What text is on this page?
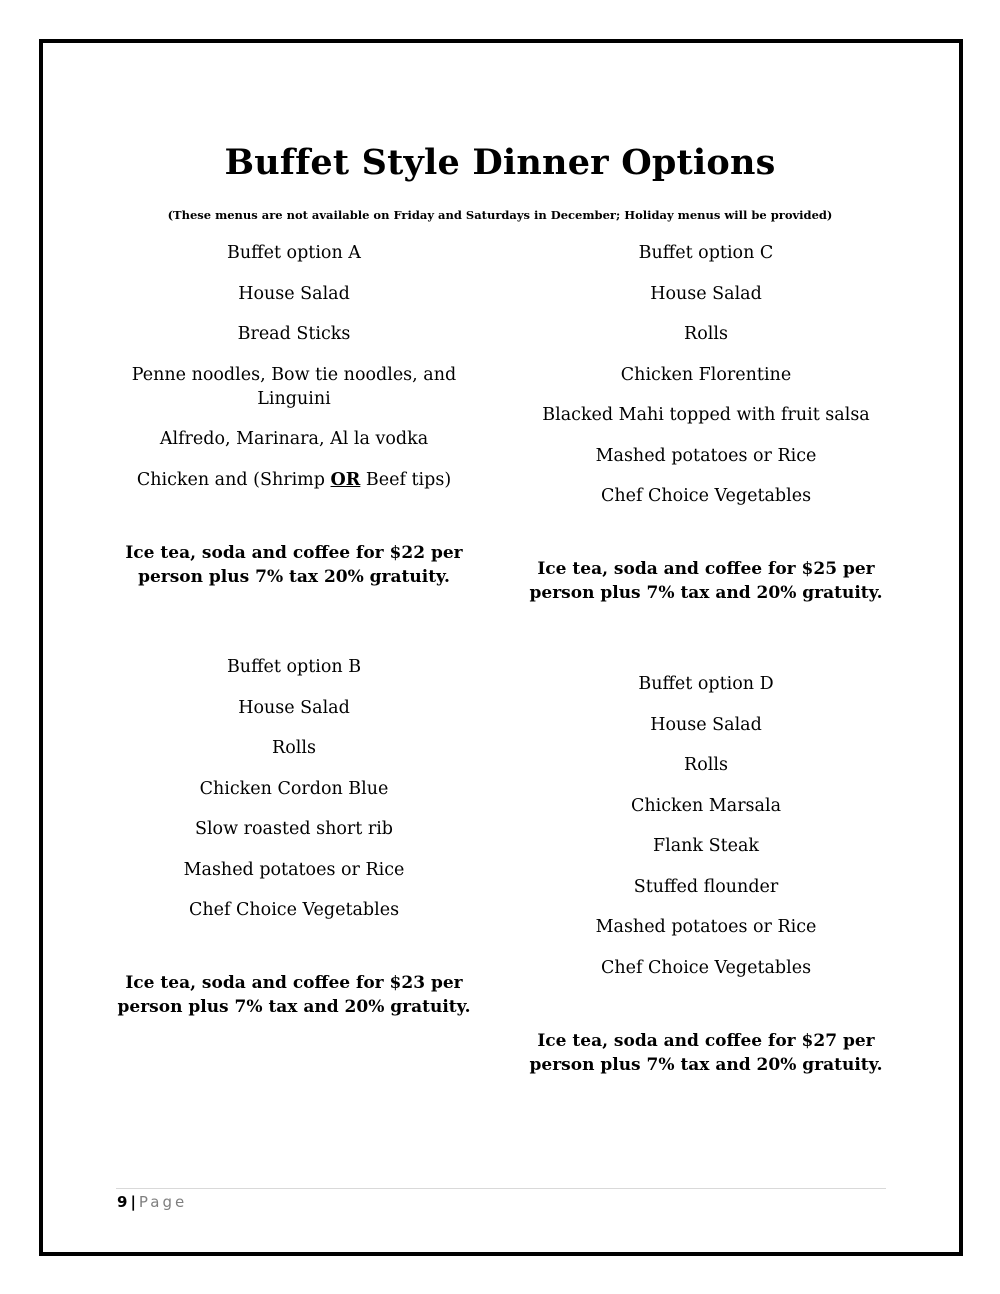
Buffet Style Dinner Options
(These menus are not available on Friday and Saturdays in December; Holiday menus will be provided)

Buffet option A

House Salad

Bread Sticks

Penne noodles, Bow tie noodles, and Linguini

Alfredo, Marinara, Al la vodka

Chicken and (Shrimp OR Beef tips)

Ice tea, soda and coffee for $22 per person plus 7% tax 20% gratuity.

Buffet option B

House Salad

Rolls

Chicken Cordon Blue

Slow roasted short rib

Mashed potatoes or Rice

Chef Choice Vegetables

Ice tea, soda and coffee for $23 per person plus 7% tax and 20% gratuity.

Buffet option C

House Salad

Rolls

Chicken Florentine

Blacked Mahi topped with fruit salsa

Mashed potatoes or Rice

Chef Choice Vegetables

Ice tea, soda and coffee for $25 per person plus 7% tax and 20% gratuity.

Buffet option D

House Salad

Rolls

Chicken Marsala

Flank Steak

Stuffed flounder

Mashed potatoes or Rice

Chef Choice Vegetables

Ice tea, soda and coffee for $27 per person plus 7% tax and 20% gratuity.

9 | Page
